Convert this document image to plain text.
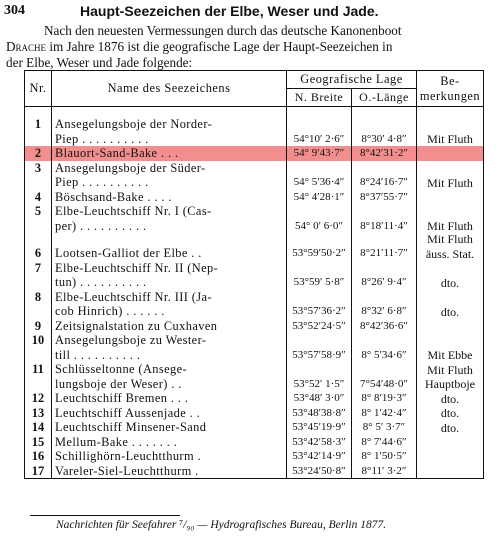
304	Haupt-Seezeichen der Elbe, Weser und Jade.
Nach den neuesten Vermessungen durch das deutsche Kanonenboot
Drache im Jahre 1876 ist die geografische Lage der Haupt-Seezeichen in
der Elbe, Weser und Jade folgende:
Nr.	Name des Seezeichens	Geografische Lage		Be-
merkungen
		N. Breite	O.-Länge	

1	Ansegelungsboje der Norder-			
	Piep . . . . . . . . . .	54°10′ 2·6″	8°30′ 4·8″	Mit Fluth
2	Blauort-Sand-Bake . . .	54° 9′43·7″	8°42′31·2″	
3	Ansegelungsboje der Süder-			
	Piep . . . . . . . . . .	54° 5′36·4″	8°24′16·7″	Mit Fluth
4	Böschsand-Bake . . . .	54° 4′28·1″	8°37′55·7″	
5	Elbe-Leuchtschiff Nr. I (Cas-			
	per) . . . . . . . . . .	54° 0′ 6·0″	8°18′11·4″	Mit Fluth
				Mit Fluth
6	Lootsen-Galliot der Elbe . .	53°59′50·2″	8°21′11·7″	äuss. Stat.
7	Elbe-Leuchtschiff Nr. II (Nep-			
	tun) . . . . . . . . . .	53°59′ 5·8″	8°26′ 9·4″	dto.
8	Elbe-Leuchtschiff Nr. III (Ja-			
	cob Hinrich) . . . . . .	53°57′36·2″	8°32′ 6·8″	dto.
9	Zeitsignalstation zu Cuxhaven	53°52′24·5″	8°42′36·6″	
10	Ansegelungsboje zu Wester-			
	till . . . . . . . . . .	53°57′58·9″	8° 5′34·6″	Mit Ebbe
11	Schlüsseltonne (Ansege-			Mit Fluth
	lungsboje der Weser) . .	53°52′ 1·5″	7°54′48·0″	Hauptboje
12	Leuchtschiff Bremen . . .	53°48′ 3·0″	8° 8′19·3″	dto.
13	Leuchtschiff Aussenjade . .	53°48′38·8″	8° 1′42·4″	dto.
14	Leuchtschiff Minsener-Sand	53°45′19·9″	8° 5′ 3·7″	dto.
15	Mellum-Bake . . . . . . .	53°42′58·3″	8° 7′44·6″	
16	Schillighörn-Leuchtthurm .	53°42′14·9″	8° 1′50·5″	
17	Vareler-Siel-Leuchtthurm .	53°24′50·8″	8°11′ 3·2″	
Nachrichten für Seefahrer ⁷/₉₀ — Hydrografisches Bureau, Berlin 1877.
